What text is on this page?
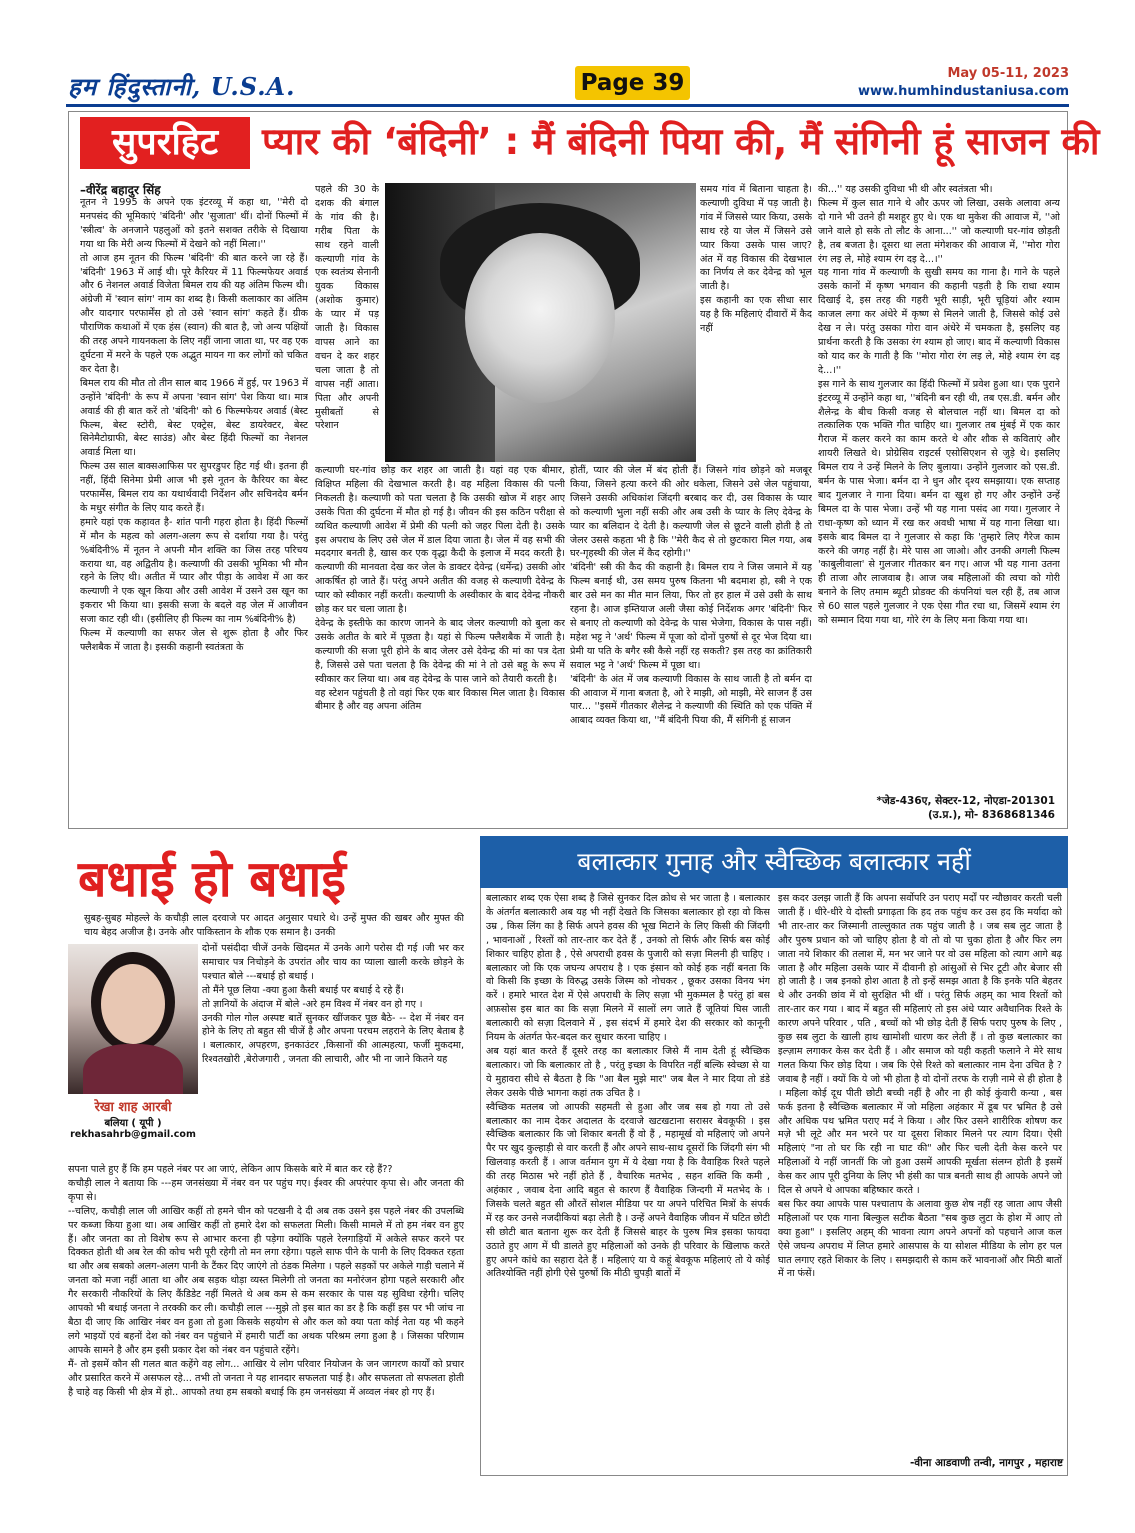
हम हिंदुस्तानी, U.S.A.	Page 39	May 05-11, 2023
www.humhindustaniusa.com
सुपरहिट	प्यार की ‘बंदिनी’ : मैं बंदिनी पिया की, मैं संगिनी हूं साजन की
–वीरेंद्र बहादुर सिंह
नूतन ने 1995 के अपने एक इंटरव्यू में कहा था, ''मेरी दो मनपसंद की भूमिकाएं 'बंदिनी' और 'सुजाता' थीं। दोनों फिल्मों में 'स्त्रीत्व' के अनजाने पहलुओं को इतने सशक्त तरीके से दिखाया गया था कि मेरी अन्य फिल्मों में देखने को नहीं मिला।''
तो आज हम नूतन की फिल्म 'बंदिनी' की बात करने जा रहे हैं। 'बंदिनी' 1963 में आई थी। पूरे कैरियर में 11 फिल्मफेयर अवार्ड और 6 नेशनल अवार्ड विजेता बिमल राय की यह अंतिम फिल्म थी। अंग्रेजी में 'स्वान सांग' नाम का शब्द है। किसी कलाकार का अंतिम और यादगार परफार्मेंस हो तो उसे 'स्वान सांग' कहते हैं। ग्रीक पौराणिक कथाओं में एक हंस (स्वान) की बात है, जो अन्य पक्षियों की तरह अपने गायनकला के लिए नहीं जाना जाता था, पर वह एक दुर्घटना में मरने के पहले एक अद्भुत मायन गा कर लोगों को चकित कर देता है।
बिमल राय की मौत तो तीन साल बाद 1966 में हुई, पर 1963 में उन्होंने 'बंदिनी' के रूप में अपना 'स्वान सांग' पेश किया था। मात्र अवार्ड की ही बात करें तो 'बंदिनी' को 6 फिल्मफेयर अवार्ड (बेस्ट फिल्म, बेस्ट स्टोरी, बेस्ट एक्ट्रेस, बेस्ट डायरेक्टर, बेस्ट सिनेमैटोग्राफी, बेस्ट साउंड) और बेस्ट हिंदी फिल्मों का नेशनल अवार्ड मिला था।
फिल्म उस साल बाक्सआफिस पर सुपरडुपर हिट गई थी। इतना ही नहीं, हिंदी सिनेमा प्रेमी आज भी इसे नूतन के कैरियर का बेस्ट परफार्मेंस, बिमल राय का यथार्थवादी निर्देशन और सचिनदेव बर्मन के मधुर संगीत के लिए याद करते हैं।
हमारे यहां एक कहावत है- शांत पानी गहरा होता है। हिंदी फिल्मों में मौन के महत्व को अलग-अलग रूप से दर्शाया गया है। परंतु %बंदिनी% में नूतन ने अपनी मौन शक्ति का जिस तरह परिचय कराया था, वह अद्वितीय है। कल्याणी की उसकी भूमिका भी मौन रहने के लिए थी। अतीत में प्यार और पीड़ा के आवेश में आ कर कल्याणी ने एक खून किया और उसी आवेश में उसने उस खून का इकरार भी किया था। इसकी सजा के बदले वह जेल में आजीवन सजा काट रही थी। (इसीलिए ही फिल्म का नाम %बंदिनी% है)
फिल्म में कल्याणी का सफर जेल से शुरू होता है और फिर फ्लैशबैक में जाता है। इसकी कहानी स्वतंत्रता के
पहले की 30 के दशक की बंगाल के गांव की है। गरीब पिता के साथ रहने वाली कल्याणी गांव के एक स्वतंत्र्य सेनानी युवक विकास (अशोक कुमार) के प्यार में पड़ जाती है। विकास वापस आने का वचन दे कर शहर चला जाता है तो वापस नहीं आता। पिता और अपनी मुसीबतों से परेशान
कल्याणी घर-गांव छोड़ कर शहर आ जाती है। यहां वह एक बीमार, विक्षिप्त महिला की देखभाल करती है। वह महिला विकास की पत्नी निकलती है। कल्याणी को पता चलता है कि उसकी खोज में शहर आए उसके पिता की दुर्घटना में मौत हो गई है। जीवन की इस कठिन परीक्षा से व्यथित कल्याणी आवेश में प्रेमी की पत्नी को जहर पिला देती है। उसके इस अपराध के लिए उसे जेल में डाल दिया जाता है। जेल में वह सभी की मददगार बनती है, खास कर एक वृद्धा कैदी के इलाज में मदद करती है। कल्याणी की मानवता देख कर जेल के डाक्टर देवेन्द्र (धर्मेन्द्र) उसकी ओर आकर्षित हो जाते हैं। परंतु अपने अतीत की वजह से कल्याणी देवेन्द्र के प्यार को स्वीकार नहीं करती। कल्याणी के अस्वीकार के बाद देवेन्द्र नौकरी छोड़ कर घर चला जाता है।
देवेन्द्र के इस्तीफे का कारण जानने के बाद जेलर कल्याणी को बुला कर उसके अतीत के बारे में पूछता है। यहां से फिल्म फ्लैशबैक में जाती है। कल्याणी की सजा पूरी होने के बाद जेलर उसे देवेन्द्र की मां का पत्र देता है, जिससे उसे पता चलता है कि देवेन्द्र की मां ने तो उसे बहू के रूप में स्वीकार कर लिया था। अब वह देवेन्द्र के पास जाने को तैयारी करती है।
वह स्टेशन पहुंचती है तो वहां फिर एक बार विकास मिल जाता है। विकास बीमार है और वह अपना अंतिम
समय गांव में बिताना चाहता है। कल्याणी दुविधा में पड़ जाती है। गांव में जिससे प्यार किया, उसके साथ रहे या जेल में जिसने उसे प्यार किया उसके पास जाए? अंत में वह विकास की देखभाल का निर्णय ले कर देवेन्द्र को भूल जाती है।
इस कहानी का एक सीधा सार यह है कि महिलाएं दीवारों में कैद नहीं
होतीं, प्यार की जेल में बंद होती हैं। जिसने गांव छोड़ने को मजबूर किया, जिसने हत्या करने की ओर धकेला, जिसने उसे जेल पहुंचाया, जिसने उसकी अधिकांश जिंदगी बरबाद कर दी, उस विकास के प्यार को कल्याणी भुला नहीं सकी और अब उसी के प्यार के लिए देवेन्द्र के प्यार का बलिदान दे देती है। कल्याणी जेल से छूटने वाली होती है तो जेलर उससे कहता भी है कि ''मेरी कैद से तो छुटकारा मिल गया, अब घर-गृहस्थी की जेल में कैद रहोगी।''
'बंदिनी' स्त्री की कैद की कहानी है। बिमल राय ने जिस जमाने में यह फिल्म बनाई थी, उस समय पुरुष कितना भी बदमाश हो, स्त्री ने एक बार उसे मन का मीत मान लिया, फिर तो हर हाल में उसे उसी के साथ रहना है। आज इम्तियाज अली जैसा कोई निर्देशक अगर 'बंदिनी' फिर से बनाए तो कल्याणी को देवेन्द्र के पास भेजेगा, विकास के पास नहीं। महेश भट्ट ने 'अर्थ' फिल्म में पूजा को दोनों पुरुषों से दूर भेज दिया था। प्रेमी या पति के बगैर स्त्री कैसे नहीं रह सकती? इस तरह का क्रांतिकारी सवाल भट्ट ने 'अर्थ' फिल्म में पूछा था।
'बंदिनी' के अंत में जब कल्याणी विकास के साथ जाती है तो बर्मन दा की आवाज में गाना बजता है, ओ रे माझी, ओ माझी, मेरे साजन हैं उस पार... ''इसमें गीतकार शैलेन्द्र ने कल्याणी की स्थिति को एक पंक्ति में आबाद व्यक्त किया था, ''मैं बंदिनी पिया की, मैं संगिनी हूं साजन
की...'' यह उसकी दुविधा भी थी और स्वतंत्रता भी।
फिल्म में कुल सात गाने थे और ऊपर जो लिखा, उसके अलावा अन्य दो गाने भी उतने ही मशहूर हुए थे। एक था मुकेश की आवाज में, ''ओ जाने वाले हो सके तो लौट के आना...'' जो कल्याणी घर-गांव छोड़ती है, तब बजता है। दूसरा था लता मंगेशकर की आवाज में, ''मोरा गोरा रंग लइ ले, मोहे श्याम रंग दइ दे...।''
यह गाना गांव में कल्याणी के सुखी समय का गाना है। गाने के पहले उसके कानों में कृष्ण भगवान की कहानी पड़ती है कि राधा श्याम दिखाई दे, इस तरह की गहरी भूरी साड़ी, भूरी चूड़ियां और श्याम काजल लगा कर अंधेरे में कृष्ण से मिलने जाती है, जिससे कोई उसे देख न ले। परंतु उसका गोरा वान अंधेरे में चमकता है, इसलिए वह प्रार्थना करती है कि उसका रंग श्याम हो जाए। बाद में कल्याणी विकास को याद कर के गाती है कि ''मोरा गोरा रंग लइ ले, मोहे श्याम रंग दइ दे...।''
इस गाने के साथ गुलजार का हिंदी फिल्मों में प्रवेश हुआ था। एक पुराने इंटरव्यू में उन्होंने कहा था, ''बंदिनी बन रही थी, तब एस.डी. बर्मन और शैलेन्द्र के बीच किसी वजह से बोलचाल नहीं था। बिमल दा को तत्कालिक एक भक्ति गीत चाहिए था। गुलजार तब मुंबई में एक कार गैराज में कलर करने का काम करते थे और शौक से कविताएं और शायरी लिखते थे। प्रोग्रेसिव राइटर्स एसोसिएशन से जुड़े थे। इसलिए बिमल राय ने उन्हें मिलने के लिए बुलाया। उन्होंने गुलजार को एस.डी. बर्मन के पास भेजा। बर्मन दा ने धुन और दृश्य समझाया। एक सप्ताह बाद गुलजार ने गाना दिया। बर्मन दा खुश हो गए और उन्होंने उन्हें बिमल दा के पास भेजा। उन्हें भी यह गाना पसंद आ गया। गुलजार ने राधा-कृष्ण को ध्यान में रख कर अवधी भाषा में यह गाना लिखा था। इसके बाद बिमल दा ने गुलजार से कहा कि 'तुम्हारे लिए गैरेज काम करने की जगह नहीं है। मेरे पास आ जाओ। और उनकी अगली फिल्म 'काबुलीवाला' से गुलजार गीतकार बन गए। आज भी यह गाना उतना ही ताजा और लाजवाब है। आज जब महिलाओं की त्वचा को गोरी बनाने के लिए तमाम ब्यूटी प्रोडक्ट की कंपनियां चल रही हैं, तब आज से 60 साल पहले गुलजार ने एक ऐसा गीत रचा था, जिसमें श्याम रंग को सम्मान दिया गया था, गोरे रंग के लिए मना किया गया था।
*जेड-436ए, सेक्टर-12, नोएडा-201301
(उ.प्र.), मो- 8368681346
बधाई हो बधाई
सुबह-सुबह मोहल्ले के कचौड़ी लाल दरवाजे पर आदत अनुसार पधारे थे। उन्हें मुफ्त की खबर और मुफ्त की चाय बेहद अजीज है। उनके और पाकिस्तान के शौक एक समान है। उनकी
रेखा शाह आरबी
बलिया ( यूपी )
rekhasahrb@gmail.com
दोनों पसंदीदा चीजें उनके खिदमत में उनके आगे परोस दी गई ।जी भर कर समाचार पत्र निचोड़ने के उपरांत और चाय का प्याला खाली करके छोड़ने के पश्चात बोले ---बधाई हो बधाई ।
तो मैंने पूछ लिया -क्या हुआ कैसी बधाई पर बधाई दे रहे हैं।
तो ज्ञानियों के अंदाज में बोले -अरे हम विश्व में नंबर वन हो गए ।
उनकी गोल गोल अस्पष्ट बातें सुनकर खींजकर पूछ बैठे- -- देश में नंबर वन होने के लिए तो बहुत सी चीजें है और अपना परचम लहराने के लिए बेताब है । बलात्कार, अपहरण, इनकाउंटर ,किसानों की आत्महत्या, फर्जी मुकदमा, रिश्वतखोरी ,बेरोजगारी , जनता की लाचारी, और भी ना जाने कितने यह
सपना पाले हुए हैं कि हम पहले नंबर पर आ जाएं, लेकिन आप किसके बारे में बात कर रहे हैं??
कचौड़ी लाल ने बताया कि ---हम जनसंख्या में नंबर वन पर पहुंच गए। ईश्वर की अपरंपार कृपा से। और जनता की कृपा से।
--चलिए, कचौड़ी लाल जी आखिर कहीं तो हमने चीन को पटखनी दे दी अब तक उसने इस पहले नंबर की उपलब्धि पर कब्जा किया हुआ था। अब आखिर कहीं तो हमारे देश को सफलता मिली। किसी मामले में तो हम नंबर वन हुए हैं। और जनता का तो विशेष रूप से आभार करना ही पड़ेगा क्योंकि पहले रेलगाड़ियों में अकेले सफर करने पर दिक्कत होती थी अब रेल की कोच भरी पूरी रहेगी तो मन लगा रहेगा। पहले साफ पीने के पानी के लिए दिक्कत रहता था और अब सबको अलग-अलग पानी के टैंकर दिए जाएंगे तो ठंडक मिलेगा । पहले सड़कों पर अकेले गाड़ी चलाने में जनता को मजा नहीं आता था और अब सड़क थोड़ा व्यस्त मिलेगी तो जनता का मनोरंजन होगा पहले सरकारी और गैर सरकारी नौकरियों के लिए कैंडिडेट नहीं मिलते थे अब कम से कम सरकार के पास यह सुविधा रहेगी। चलिए आपको भी बधाई जनता ने तरक्की कर ली। कचौड़ी लाल ---मुझे तो इस बात का डर है कि कहीं इस पर भी जांच ना बैठा दी जाए कि आखिर नंबर वन हुआ तो हुआ किसके सहयोग से और कल को क्या पता कोई नेता यह भी कहने लगे भाइयों एवं बहनों देश को नंबर वन पहुंचाने में हमारी पार्टी का अथक परिश्रम लगा हुआ है । जिसका परिणाम आपके सामने है और हम इसी प्रकार देश को नंबर वन पहुंचाते रहेंगे।
मैं- तो इसमें कौन सी गलत बात कहेंगे वह लोग... आखिर ये लोग परिवार नियोजन के जन जागरण कार्यों को प्रचार और प्रसारित करने में असफल रहे... तभी तो जनता ने यह शानदार सफलता पाई है। और सफलता तो सफलता होती है चाहे वह किसी भी क्षेत्र में हो.. आपको तथा हम सबको बधाई कि हम जनसंख्या में अव्वल नंबर हो गए हैं।
बलात्कार गुनाह और स्वैच्छिक बलात्कार नहीं
बलात्कार शब्द एक ऐसा शब्द है जिसे सुनकर दिल क्रोध से भर जाता है । बलात्कार के अंतर्गत बलात्कारी अब यह भी नहीं देखते कि जिसका बलात्कार हो रहा वो किस उम्र , किस लिंग का है सिर्फ अपने हवस की भूख मिटाने के लिए किसी की जिंदगी , भावनाओं , रिश्तों को तार-तार कर देते हैं , उनको तो सिर्फ और सिर्फ बस कोई शिकार चाहिए होता है , ऐसे अपराधी हवस के पुजारी को सज़ा मिलनी ही चाहिए । बलात्कार जो कि एक जघन्य अपराध है । एक इंसान को कोई हक नहीं बनता कि वो किसी कि इच्छा के विरुद्ध उसके जिस्म को नोचकर , छूकर उसका विनय भंग करें । हमारे भारत देश में ऐसे अपराधी के लिए सज़ा भी मुकम्मल है परंतु हां बस अफ़सोस इस बात का कि सज़ा मिलने में सालों लग जाते हैं जूतियां घिस जाती बलात्कारी को सज़ा दिलवाने में , इस संदर्भ में हमारे देश की सरकार को कानूनी नियम के अंतर्गत फेर-बदल कर सुधार करना चाहिए ।
अब यहां बात करते हैं दूसरे तरह का बलात्कार जिसे मैं नाम देती हूं स्वैच्छिक बलात्कार। जो कि बलात्कार तो है , परंतु इच्छा के विपरित नहीं बल्कि स्वेच्छा से या ये मुहावरा सीधे से बैठता है कि "आ बैल मुझे मार" जब बैल ने मार दिया तो डंडे लेकर उसके पीछे भागना कहां तक उचित है ।
स्वैच्छिक मतलब जो आपकी सहमती से हुआ और जब सब हो गया तो उसे बलात्कार का नाम देकर अदालत के दरवाजे खटखटाना सरासर बेवकूफी । इस स्वैच्छिक बलात्कार कि जो शिकार बनती हैं वो हैं , महामूर्ख वो महिलाएं जो अपने पैर पर खुद कुल्हाड़ी से वार करती हैं और अपने साथ-साथ दूसरों कि जिंदगी संग भी खिलवाड़ करती हैं । आज वर्तमान युग में ये देखा गया है कि वैवाहिक रिश्ते पहले की तरह मिठास भरे नहीं होते हैं , वैचारिक मतभेद , सहन शक्ति कि कमी , अहंकार , जवाब देना आदि बहुत से कारण हैं वैवाहिक जिन्दगी में मतभेद के । जिसके चलते बहुत सी औरतें सोशल मीडिया पर या अपने परिचित मित्रों के संपर्क में रह कर उनसे नजदीकियां बढ़ा लेती है । उन्हें अपने वैवाहिक जीवन में घटित छोटी सी छोटी बात बताना शुरू कर देती हैं जिससे बाहर के पुरुष मित्र इसका फायदा उठाते हुए आग में घी डालते हुए महिलाओं को उनके ही परिवार के खिलाफ करते हुए अपने कांधे का सहारा देते हैं । महिलाएं या ये कहूं बेवकूफ महिलाएं तो ये कोई अतिश्योक्ति नहीं होगी ऐसे पुरुषों कि मीठी चुपड़ी बातों में
इस कदर उलझ जाती हैं कि अपना सर्वोपरि उन पराए मर्दों पर न्यौछावर करती चली जाती हैं । धीरे-धीरे ये दोस्ती प्रगाढ़ता कि हद तक पहुंच कर उस हद कि मर्यादा को भी तार-तार कर जिस्मानी ताल्लुकात तक पहुंच जाती है । जब सब लुट जाता है और पुरुष प्रधान को जो चाहिए होता है वो तो वो पा चुका होता है और फिर लग जाता नये शिकार की तलाश में, मन भर जाने पर वो उस महिला को त्याग आगे बढ़ जाता है और महिला उसके प्यार में दीवानी हो आंसुओं से भिर टूटी और बेजार सी हो जाती है । जब इनको होश आता है तो इन्हें समझ आता है कि इनके पति बेहतर थे और उनकी छांव में वो सुरक्षित भी थीं । परंतु सिर्फ अहम् का भाव रिश्तों को तार-तार कर गया । बाद में बहुत सी महिलाएं तो इस अंधे प्यार अवैधानिक रिश्ते के कारण अपने परिवार , पति , बच्चों को भी छोड़ देती हैं सिर्फ पराए पुरुष के लिए , कुछ सब लुटा के खाली हाथ खामोशी धारण कर लेती हैं । तो कुछ बलात्कार का इल्ज़ाम लगाकर केस कर देती हैं । और समाज को यही कहती फलाने ने मेरे साथ गलत किया फिर छोड़ दिया । जब कि ऐसे रिश्ते को बलात्कार नाम देना उचित है ? जवाब है नहीं । क्यों कि ये जो भी होता है वो दोनों तरफ के राज़ी नामे से ही होता है । महिला कोई दूध पीती छोटी बच्ची नहीं है और ना ही कोई कुंवारी कन्या , बस फर्क इतना है स्वैच्छिक बलात्कार में जो महिला अहंकार में डूब पर भ्रमित है उसे और अधिक पथ भ्रमित पराए मर्द ने किया । और फिर उसने शारीरिक शोषण कर मज़े भी लूटे और मन भरने पर या दूसरा शिकार मिलने पर त्याग दिया। ऐसी महिलाएं "ना तो घर कि रही ना घाट की" और फिर चली देती केस करने पर महिलाओं ये नहीं जानतीं कि जो हुआ उसमें आपकी मूर्खता संलग्न होती है इसमें केस कर आप पूरी दुनिया के लिए भी हंसी का पात्र बनती साथ ही आपके अपने जो दिल से अपने थे आपका बहिष्कार करते ।
बस फिर क्या आपके पास पश्चाताप के अलावा कुछ शेष नहीं रह जाता आप जैसी महिलाओं पर एक गाना बिल्कुल सटीक बैठता "सब कुछ लुटा के होश में आए तो क्या हुआ" । इसलिए अहम् की भावना त्याग अपने अपनों को पहचाने आज कल ऐसे जघन्य अपराध में लिप्त हमारे आसपास के या सोशल मीडिया के लोग हर पल घात लगाए रहते शिकार के लिए । समझदारी से काम करें भावनाओं और मिठी बातों में ना फंसें।
-वीना आडवाणी तन्वी, नागपुर , महाराष्ट
